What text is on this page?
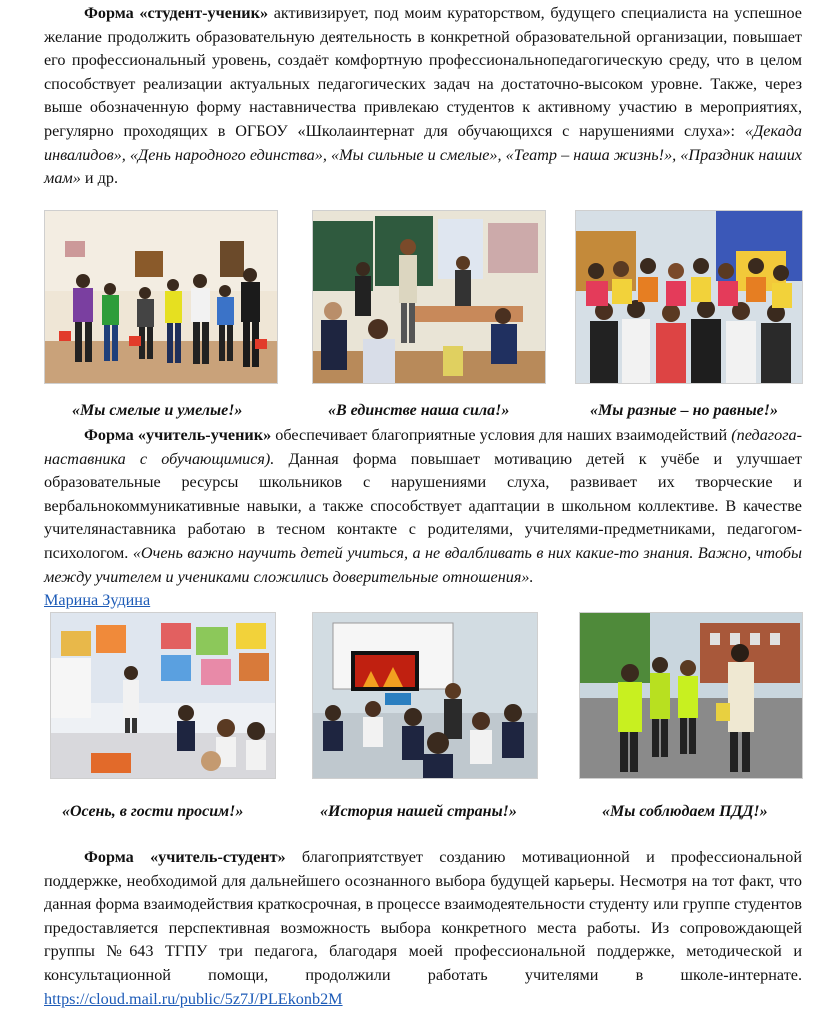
Форма «студент-ученик» активизирует, под моим кураторством, будущего специалиста на успешное желание продолжить образовательную деятельность в конкретной образовательной организации, повышает его профессиональный уровень, создаёт комфортную профессиональнопедагогическую среду, что в целом способствует реализации актуальных педагогических задач на достаточно-высоком уровне. Также, через выше обозначенную форму наставничества привлекаю студентов к активному участию в мероприятиях, регулярно проходящих в ОГБОУ «Школаинтернат для обучающихся с нарушениями слуха»: «Декада инвалидов», «День народного единства», «Мы сильные и смелые», «Театр – наша жизнь!», «Праздник наших мам» и др.

«Мы смелые и умелые!»	«В единстве наша сила!»	«Мы разные – но равные!»

Форма «учитель-ученик» обеспечивает благоприятные условия для наших взаимодействий (педагога-наставника с обучающимися). Данная форма повышает мотивацию детей к учёбе и улучшает образовательные ресурсы школьников с нарушениями слуха, развивает их творческие и вербальнокоммуникативные навыки, а также способствует адаптации в школьном коллективе. В качестве учителянаставника работаю в тесном контакте с родителями, учителями-предметниками, педагогом-психологом. «Очень важно научить детей учиться, а не вдалбливать в них какие-то знания. Важно, чтобы между учителем и учениками сложились доверительные отношения».
Марина Зудина

«Осень, в гости просим!»	«История нашей страны!»	«Мы соблюдаем ПДД!»

Форма «учитель-студент» благоприятствует созданию мотивационной и профессиональной поддержке, необходимой для дальнейшего осознанного выбора будущей карьеры. Несмотря на тот факт, что данная форма взаимодействия краткосрочная, в процессе взаимодеятельности студенту или группе студентов предоставляется перспективная возможность выбора конкретного места работы. Из сопровождающей группы №643 ТГПУ три педагога, благодаря моей профессиональной поддержке, методической и консультационной помощи, продолжили работать учителями в школе-интернате. https://cloud.mail.ru/public/5z7J/PLEkonb2M
